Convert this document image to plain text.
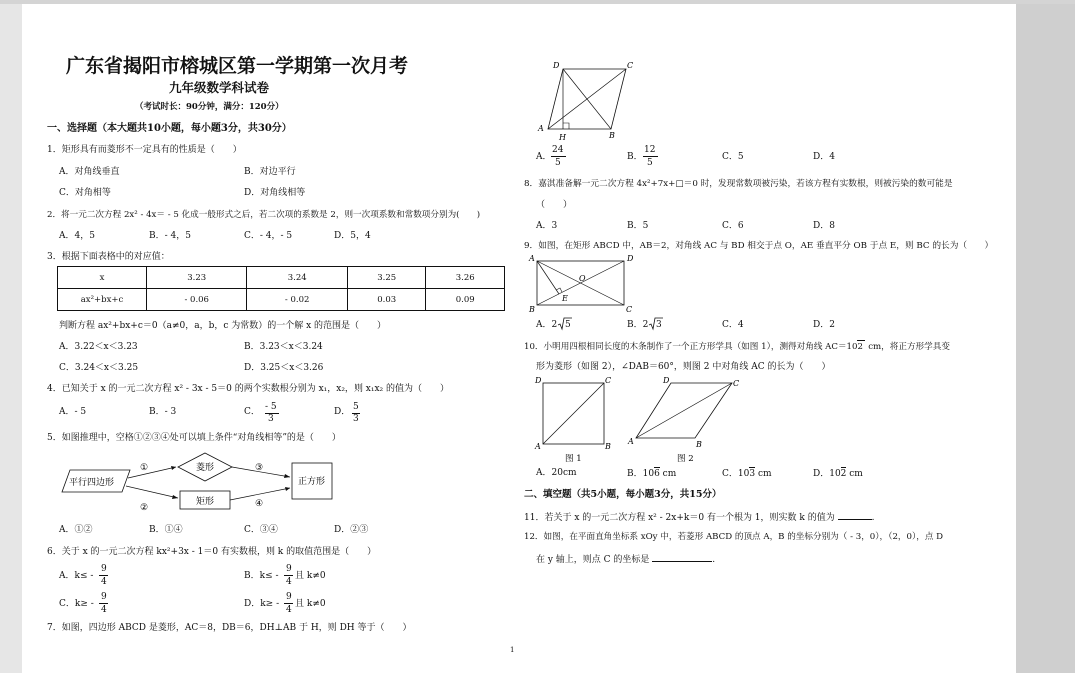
广东省揭阳市榕城区第一学期第一次月考
九年级数学科试卷
（考试时长：90分钟，满分：120分）
一、选择题（本大题共10小题，每小题3分，共30分）
1．矩形具有而菱形不一定具有的性质是（　　）
A．对角线垂直	B．对边平行
C．对角相等	D．对角线相等
2．将一元二次方程 2x² - 4x＝ - 5 化成一般形式之后，若二次项的系数是 2，则一次项系数和常数项分别为(　　)
A．4，5	B．- 4，5	C．- 4，- 5	D．5，4
3．根据下面表格中的对应值：
x	3.23	3.24	3.25	3.26
ax²+bx+c	- 0.06	- 0.02	0.03	0.09
判断方程 ax²+bx+c＝0（a≠0，a，b，c 为常数）的一个解 x 的范围是（　　）
A．3.22＜x＜3.23	B．3.23＜x＜3.24
C．3.24＜x＜3.25	D．3.25＜x＜3.26
4．已知关于 x 的一元二次方程 x² - 3x - 5＝0 的两个实数根分别为 x₁，x₂，则 x₁x₂ 的值为（　　）
A．- 5	B．- 3	C． - 5
3
D． 5
3
5．如图推理中，空格①②③④处可以填上条件“对角线相等”的是（　　）
平行四边形
菱形
矩形
正方形
①
②
③
④
A．①②	B．①④	C．③④	D．②③
6．关于 x 的一元二次方程 kx²+3x - 1＝0 有实数根，则 k 的取值范围是（　　）
A．k≤ -
9
4
B．k≤ -
9
4
且 k≠0
C．k≥ -
9
4
D．k≥ -
9
4
且 k≠0
7．如图，四边形 ABCD 是菱形，AC＝8，DB＝6，DH⊥AB 于 H，则 DH 等于（　　）
1
D	C
A
H	B
A．
24
5
B．
12
5
C．5	D．4
8．嘉淇准备解一元二次方程 4x²+7x+□＝0 时，发现常数项被污染，若该方程有实数根，则被污染的数可能是
（　　）
A．3	B．5	C．6	D．8
9．如图，在矩形 ABCD 中，AB＝2，对角线 AC 与 BD 相交于点 O，AE 垂直平分 OB 于点 E，则 BC 的长为（　　）
A	D
O
E
B	C
A．2 5	B．2 3	C．4	D．2
10．小明用四根相同长度的木条制作了一个正方形学具（如图 1），测得对角线 AC＝102 cm，将正方形学具变
形为菱形（如图 2），∠DAB＝60°，则图 2 中对角线 AC 的长为（　　）
D	C
A	B
图 1
D	C
A	B
图 2
A．20cm	B．106 cm	C．103 cm	D．102 cm
二、填空题（共5小题，每小题3分，共15分）
11．若关于 x 的一元二次方程 x² - 2x+k＝0 有一个根为 1，则实数 k 的值为	.
12．如图，在平面直角坐标系 xOy 中，若菱形 ABCD 的顶点 A，B 的坐标分别为（ - 3，0），（2，0），点 D
在 y 轴上，则点 C 的坐标是	.
